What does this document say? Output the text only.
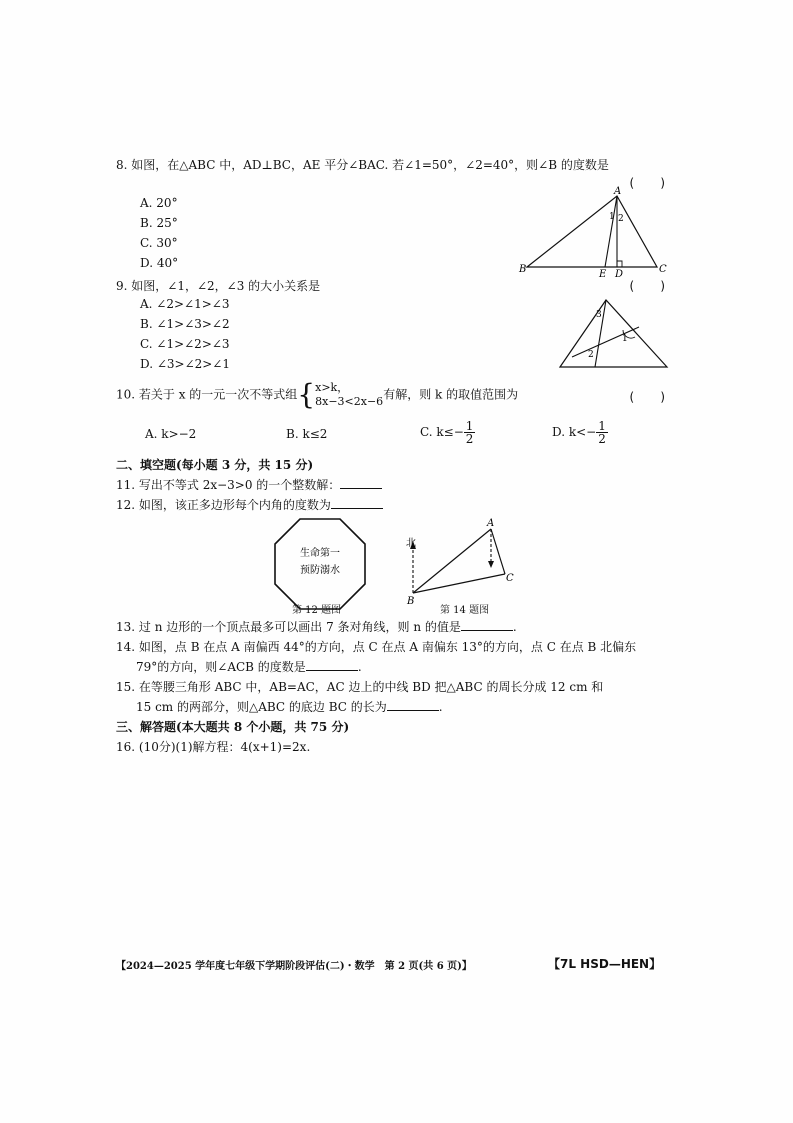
8. 如图，在△ABC 中，AD⊥BC，AE 平分∠BAC. 若∠1=50°，∠2=40°，则∠B 的度数是
(　　)
A. 20°
B. 25°
C. 30°
D. 40°
A
B	C
D
E
1 2
9. 如图，∠1，∠2，∠3 的大小关系是	(　　)
A. ∠2>∠1>∠3
B. ∠1>∠3>∠2
C. ∠1>∠2>∠3
D. ∠3>∠2>∠1
1
2
3
10. 若关于 x 的一元一次不等式组{ x>k，
8x−3<2x−6 有解，则 k 的取值范围为	(　　)
A. k>−2	B. k≤2	C. $k\le- \frac{1}{2}$	D. $k<- \frac{1}{2}$
二、填空题(每小题 3 分，共 15 分)
11. 写出不等式 2x−3>0 的一个整数解：
12. 如图，该正多边形每个内角的度数为
生命第一
预防溺水
第 12 题图
北
A
B
C
第 14 题图
13. 过 n 边形的一个顶点最多可以画出 7 条对角线，则 n 的值是	.
14. 如图，点 B 在点 A 南偏西 44°的方向，点 C 在点 A 南偏东 13°的方向，点 C 在点 B 北偏东
79°的方向，则∠ACB 的度数是	.
15. 在等腰三角形 ABC 中，AB=AC，AC 边上的中线 BD 把△ABC 的周长分成 12 cm 和
15 cm 的两部分，则△ABC 的底边 BC 的长为	.
三、解答题(本大题共 8 个小题，共 75 分)
16. (10分)(1)解方程：4(x+1)=2x.
【2024—2025 学年度七年级下学期阶段评估(二)・数学　第 2 页(共 6 页)】	【7L HSD—HEN】
